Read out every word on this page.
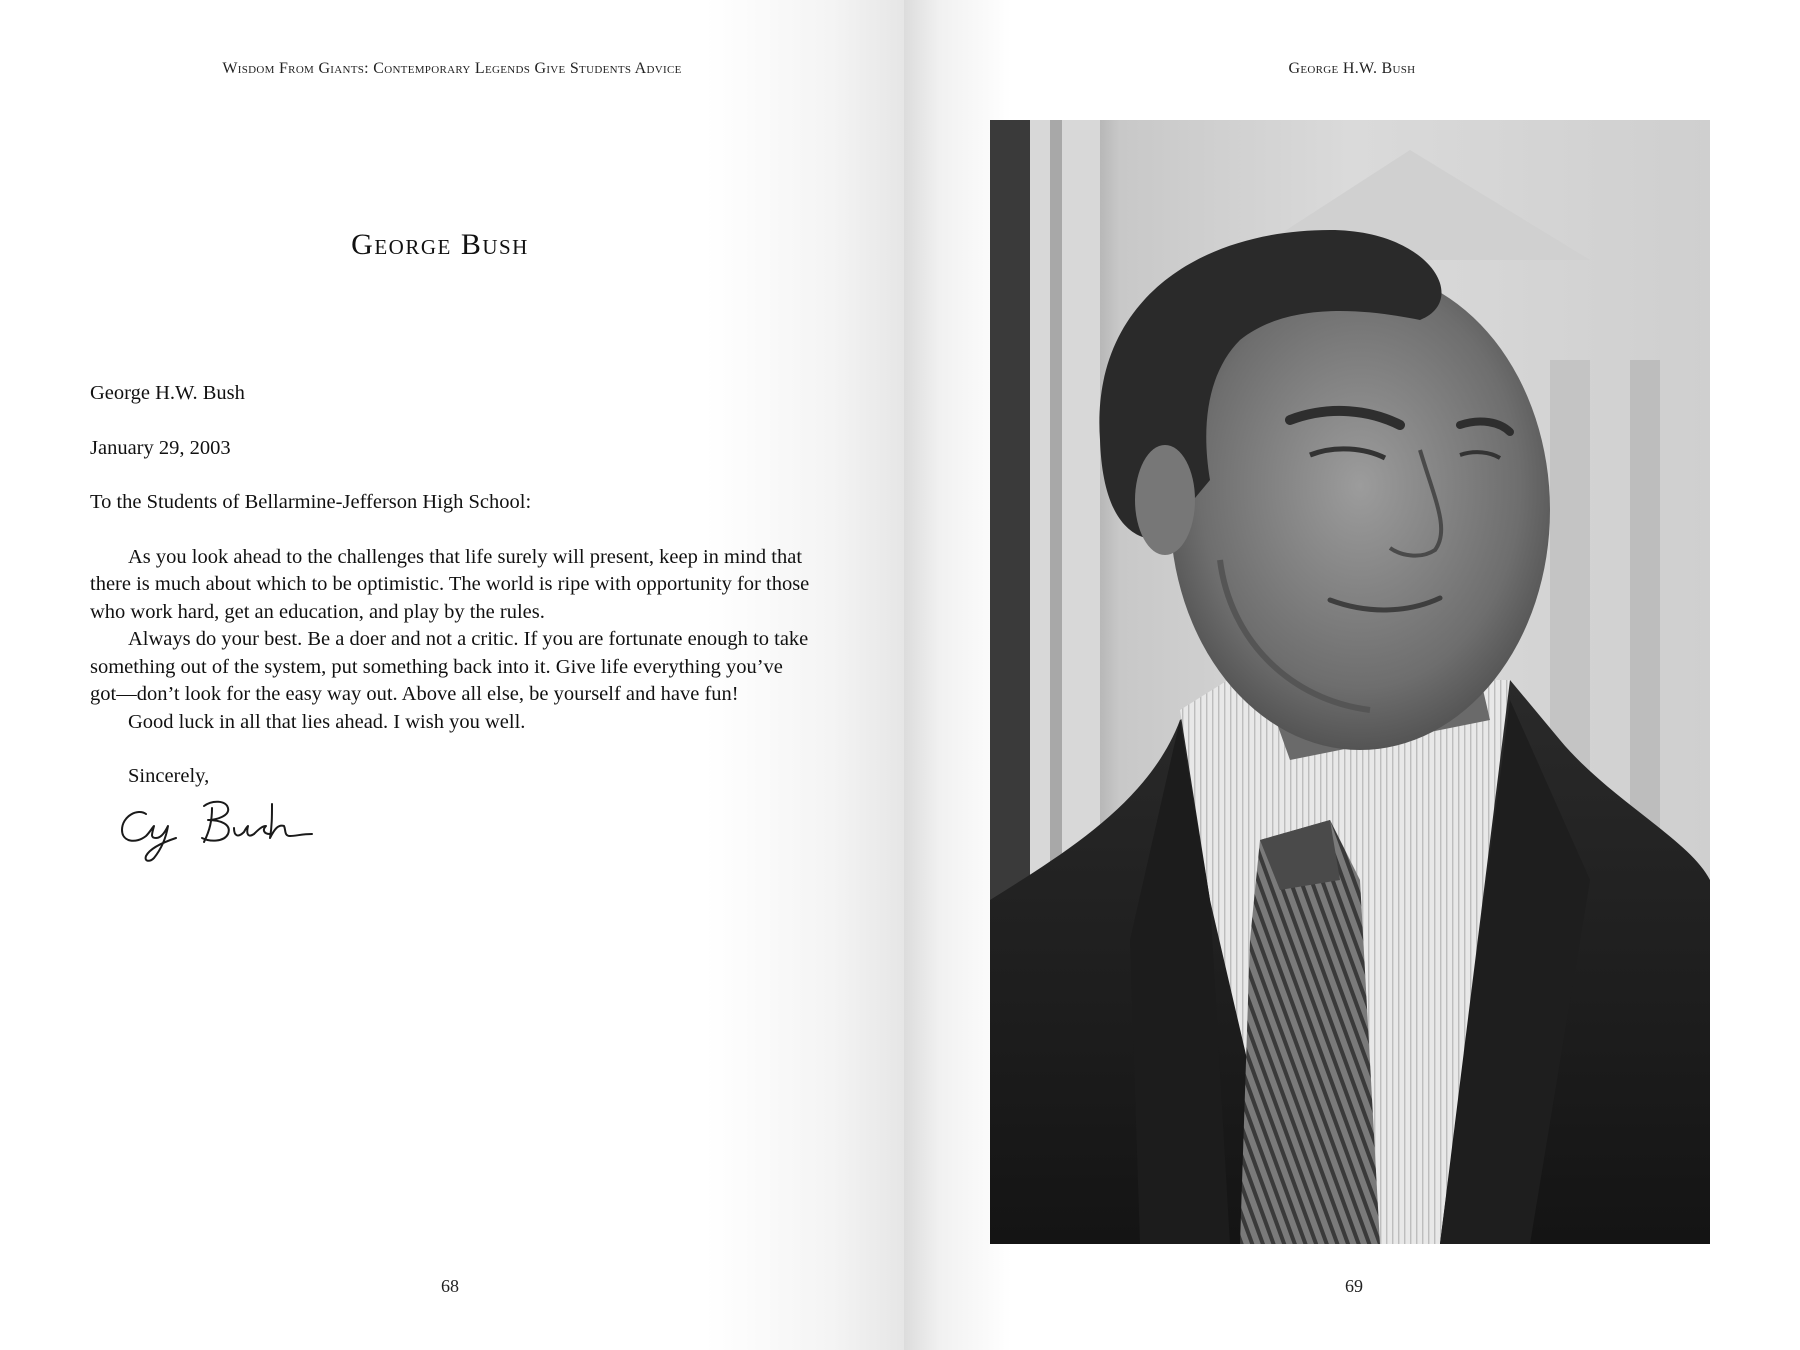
Wisdom From Giants: Contemporary Legends Give Students Advice
George Bush

George H.W. Bush

January 29, 2003

To the Students of Bellarmine-Jefferson High School:

As you look ahead to the challenges that life surely will present, keep in mind that there is much about which to be optimistic. The world is ripe with opportunity for those who work hard, get an education, and play by the rules.

Always do your best. Be a doer and not a critic. If you are fortunate enough to take something out of the system, put something back into it. Give life everything you’ve got—don’t look for the easy way out. Above all else, be yourself and have fun!

Good luck in all that lies ahead. I wish you well.

Sincerely,

68
George H.W. Bush
69
